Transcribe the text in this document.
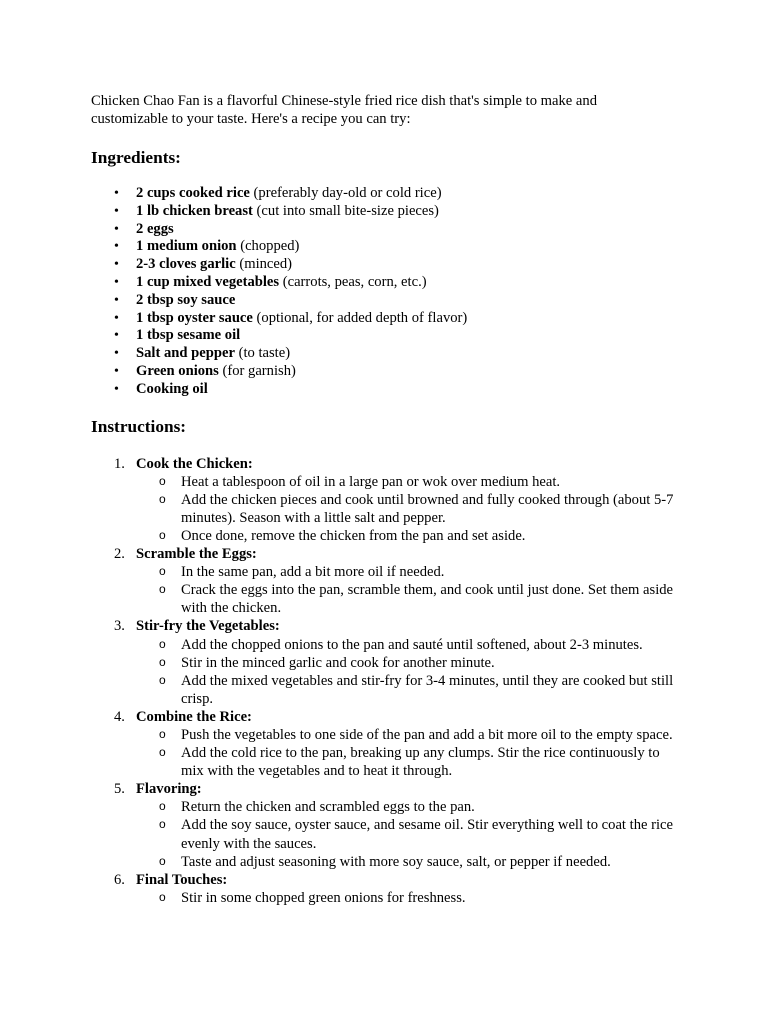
Chicken Chao Fan is a flavorful Chinese-style fried rice dish that's simple to make and customizable to your taste. Here's a recipe you can try:

Ingredients:
• 2 cups cooked rice (preferably day-old or cold rice)
• 1 lb chicken breast (cut into small bite-size pieces)
• 2 eggs
• 1 medium onion (chopped)
• 2-3 cloves garlic (minced)
• 1 cup mixed vegetables (carrots, peas, corn, etc.)
• 2 tbsp soy sauce
• 1 tbsp oyster sauce (optional, for added depth of flavor)
• 1 tbsp sesame oil
• Salt and pepper (to taste)
• Green onions (for garnish)
• Cooking oil
Instructions:
1. Cook the Chicken:
o Heat a tablespoon of oil in a large pan or wok over medium heat.
o Add the chicken pieces and cook until browned and fully cooked through (about 5-7 minutes). Season with a little salt and pepper.
o Once done, remove the chicken from the pan and set aside.
2. Scramble the Eggs:
o In the same pan, add a bit more oil if needed.
o Crack the eggs into the pan, scramble them, and cook until just done. Set them aside with the chicken.
3. Stir-fry the Vegetables:
o Add the chopped onions to the pan and sauté until softened, about 2-3 minutes.
o Stir in the minced garlic and cook for another minute.
o Add the mixed vegetables and stir-fry for 3-4 minutes, until they are cooked but still crisp.
4. Combine the Rice:
o Push the vegetables to one side of the pan and add a bit more oil to the empty space.
o Add the cold rice to the pan, breaking up any clumps. Stir the rice continuously to mix with the vegetables and to heat it through.
5. Flavoring:
o Return the chicken and scrambled eggs to the pan.
o Add the soy sauce, oyster sauce, and sesame oil. Stir everything well to coat the rice evenly with the sauces.
o Taste and adjust seasoning with more soy sauce, salt, or pepper if needed.
6. Final Touches:
o Stir in some chopped green onions for freshness.
